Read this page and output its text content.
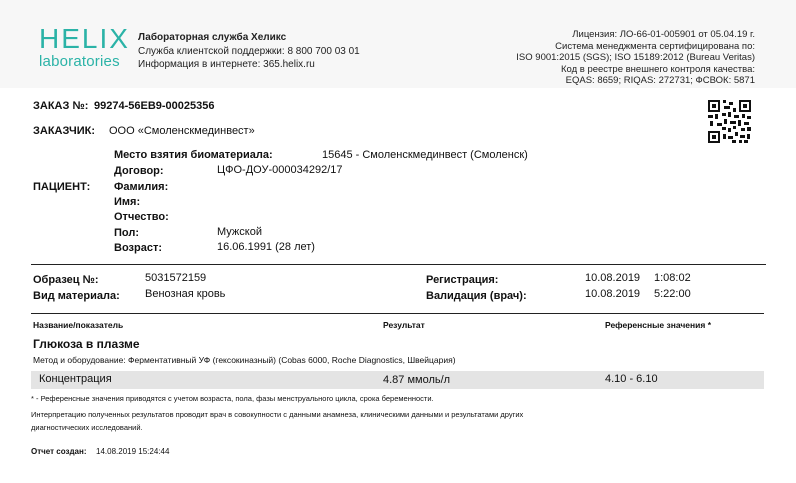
HELIX
laboratories
Лабораторная служба Хеликс
Служба клиентской поддержки: 8 800 700 03 01
Информация в интернете: 365.helix.ru
Лицензия: ЛО-66-01-005901 от 05.04.19 г.
Система менеджмента сертифицирована по:
ISO 9001:2015 (SGS); ISO 15189:2012 (Bureau Veritas)
Код в реестре внешнего контроля качества:
EQAS: 8659; RIQAS: 272731; ФСВОК: 5871
ЗАКАЗ №: 99274-56EB9-00025356
ЗАКАЗЧИК: ООО «Смоленскмединвест»
ПАЦИЕНТ:
Место взятия биоматериала:	15645 - Смоленскмединвест (Смоленск)
Договор:	ЦФО-ДОУ-000034292/17
Фамилия:
Имя:
Отчество:
Пол:	Мужской
Возраст:	16.06.1991 (28 лет)
Образец №:	5031572159
Вид материала: Венозная кровь
Регистрация:	10.08.2019 1:08:02
Валидация (врач):	10.08.2019 5:22:00
Название/показатель	Результат	Референсные значения *
Глюкоза в плазме
Метод и оборудование: Ферментативный УФ (гексокиназный) (Cobas 6000, Roche Diagnostics, Швейцария)
Концентрация	4.87 ммоль/л	4.10 - 6.10
* - Референсные значения приводятся с учетом возраста, пола, фазы менструального цикла, срока беременности.
Интерпретацию полученных результатов проводит врач в совокупности с данными анамнеза, клиническими данными и результатами других
диагностических исследований.
Отчет создан: 14.08.2019 15:24:44
